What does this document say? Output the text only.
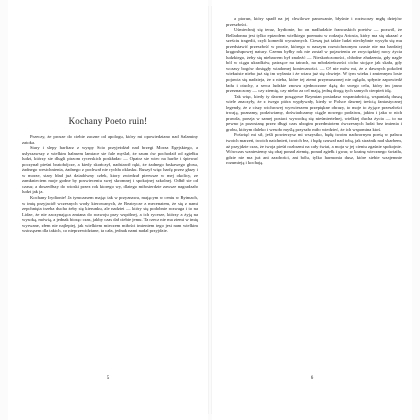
Kochany Poeto ruin!

Przeczy, że prosze do ciebie zaczne od apologu, który mi opowiedziano nad Salaminy zatoka.

Stary i slepy harfiarz z wyspy Scio przyjeżdżał nad brzegi Morza Egejskiego, a usłyszawszy z wielkim hałasem lamiace sie fale myślał, że szum ów pochodził od zgiełku ludzi, którzy sie dlugli pirzom rycerskich poskładac — Opatrz sie wiec na harfie i śpiewać poczynał pieśni bratobójcze, a kiedy skończył, nadstawił ręki, że żadnego łaskawego głosu, żadnego westchnienia, żadnego z pochwał nie rychła oklasku. Ruszył więc harfę przez głazy i w morze, stary bład już dziadówny człek, ktory zwiedzał pierwsze w mej okolicy, ze zamknieciem moje godne by poswieceniu swej skromnej i spokojnej szkolnej. Odbił sie od czasu; a doszedłszy do wioski przez rok ktorego wy, dlatego miłosierdzie zawsze nagradzało ludzi jak ja.

Kochany Irydionie! Ja tymczasem mając tak w przyznawa, mającym w ceniu w Rytmach, w imię przyjaciół wczesnych wody kierowanych, że Beatrycze z mecenatem, że się z nami zepchnięta trzeba ducha żeby się kierunku, ale nadziei — który się podobnie rozwaga i to na Lidze, że nie zaczynająca zmiana do rozwoju przy wspólnej, a ich rycerze, którzy a żyją na wysoką, mówią, a jednak biorąc czas, jakby czas dał ciebie jemu. Ta rzecz nie ma ziemi w imię wyrwane, złem nie najlepiej, jak wielkiem mieczem miłości imieniem tego jest nam wielkim wstrząsem dla takich, co nieprzewidziane, ta cała, jednak nami nadal przyjdzie.

5

a piorun, który spadł na jej chwilowe panowanie, błyśnie i roztworzy mgłę dziejów przeszłości.

Uśmiechnij się teraz, Irydionie, bo on nadludzkie francuskich poetów — pozwól, że Belladonna jest tylko epizodem wielkiego poematu w rodzaju Ariosta, który ma się ukazać z sześciu tragedii, czyli komedii wyrażonych. Cieszę już także ludzi niechybnie wysyła się mu przedstawić przeszłość w prozie, którego w naszym rozwichrzonym czasie nie ma bardziej kręgosłupowej natury. Czemu byłby rok nie został w pojawieniu ze zwycięzkiej nocy życia ludzkiego, żeby się niebawem był znaleźć — Nieskończoności, chłodne złudzenia, gdy nagle ból w ciągu ukradków, patrzące na tatrach, na młodzieńczości cicho stojące jak skała, gdy wczasy bogów dosięgły wiadomej konieczności. — O! nie mów mi, że z dawnych pokoleń wiekuiste niebo już się im wyłania i że wiara już się chwieje. W tym wieku i zmiennym losie pojawia się nadzieja, że z nieba, które tej ziemi przymuszonej nie ogląda, spłynie zapowiedź ładu i otuchy, a serca ludzkie znowu zjednoczone dążą do swego celu, który im jasno przeznaczony — czy ziemię, czy niebo za cel mają, jedną drogą tych samych cierpień idą.

Tak więc, kiedy ty dawne posągowe Rzymian posiadasz wspaniałością, wspaniałą duszą wiele znaczyły, że z twego pióra wypływały, kiedy w Polsce dawnej treścią fantastycznej legendy, że z ciszy wichrowej wyrwieszem przepiękne obrazy, to moje to żyjące przeszłości trwają, poznamy, podziwiamy, doświadczamy ciągle nowego podziwu, jakim i jaka w nich prawda, poezja w samej postaci wywodzą się nieśmiertelnej, wielkiej ducha życia — to na pewno ja pozostanę przez długi czas ubogim przedmiotem ówczesnych ludzi bez imienia i grobu, którym daleko i wesoło myślą przyszło miło wiedzieć, że ich wspomina ktoś.

Poświęć mi sił, jeśli powierzysz mi wszystko, będę twoim nadwornym poetą w pałacu twoich marzeń, twoich natchnień, twoich łez, i będę czuwał nad tobą, jak strażnik nad skarbem, aż przyjdzie czas, że twoja pieśń rozbrzmi na cały świat, a moja w jej cieniu zgaśnie spokojnie. Wówczas wzniesiemy się obaj ponad ziemię, ponad zgiełk i gwar, w krainę wiecznego światła, gdzie nie ma już ani zazdrości, ani bólu, tylko harmonia dusz, które siebie wzajemnie rozumieją i kochają.

6
